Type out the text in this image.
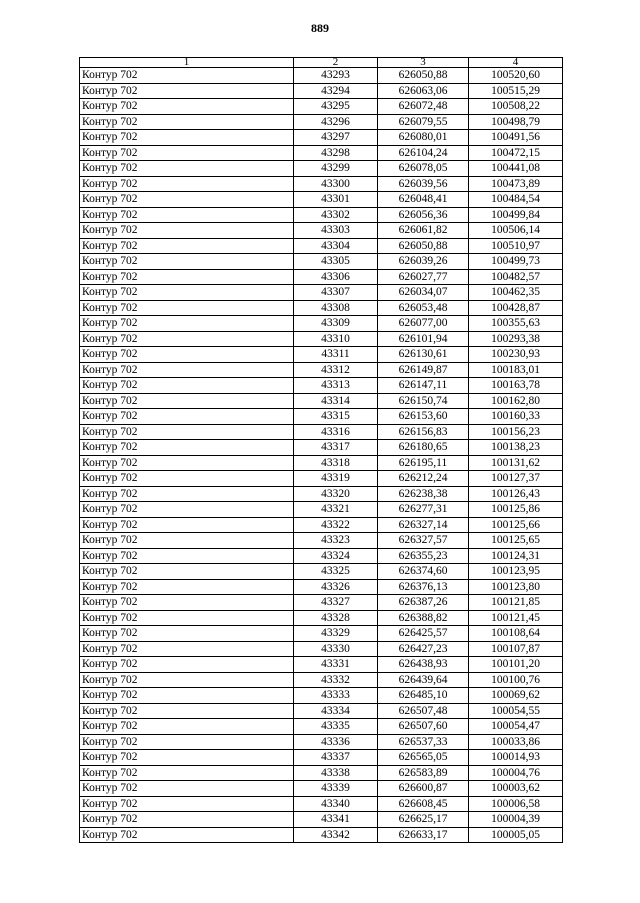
889
1	2	3	4
Контур 702	43293	626050,88	100520,60
Контур 702	43294	626063,06	100515,29
Контур 702	43295	626072,48	100508,22
Контур 702	43296	626079,55	100498,79
Контур 702	43297	626080,01	100491,56
Контур 702	43298	626104,24	100472,15
Контур 702	43299	626078,05	100441,08
Контур 702	43300	626039,56	100473,89
Контур 702	43301	626048,41	100484,54
Контур 702	43302	626056,36	100499,84
Контур 702	43303	626061,82	100506,14
Контур 702	43304	626050,88	100510,97
Контур 702	43305	626039,26	100499,73
Контур 702	43306	626027,77	100482,57
Контур 702	43307	626034,07	100462,35
Контур 702	43308	626053,48	100428,87
Контур 702	43309	626077,00	100355,63
Контур 702	43310	626101,94	100293,38
Контур 702	43311	626130,61	100230,93
Контур 702	43312	626149,87	100183,01
Контур 702	43313	626147,11	100163,78
Контур 702	43314	626150,74	100162,80
Контур 702	43315	626153,60	100160,33
Контур 702	43316	626156,83	100156,23
Контур 702	43317	626180,65	100138,23
Контур 702	43318	626195,11	100131,62
Контур 702	43319	626212,24	100127,37
Контур 702	43320	626238,38	100126,43
Контур 702	43321	626277,31	100125,86
Контур 702	43322	626327,14	100125,66
Контур 702	43323	626327,57	100125,65
Контур 702	43324	626355,23	100124,31
Контур 702	43325	626374,60	100123,95
Контур 702	43326	626376,13	100123,80
Контур 702	43327	626387,26	100121,85
Контур 702	43328	626388,82	100121,45
Контур 702	43329	626425,57	100108,64
Контур 702	43330	626427,23	100107,87
Контур 702	43331	626438,93	100101,20
Контур 702	43332	626439,64	100100,76
Контур 702	43333	626485,10	100069,62
Контур 702	43334	626507,48	100054,55
Контур 702	43335	626507,60	100054,47
Контур 702	43336	626537,33	100033,86
Контур 702	43337	626565,05	100014,93
Контур 702	43338	626583,89	100004,76
Контур 702	43339	626600,87	100003,62
Контур 702	43340	626608,45	100006,58
Контур 702	43341	626625,17	100004,39
Контур 702	43342	626633,17	100005,05
